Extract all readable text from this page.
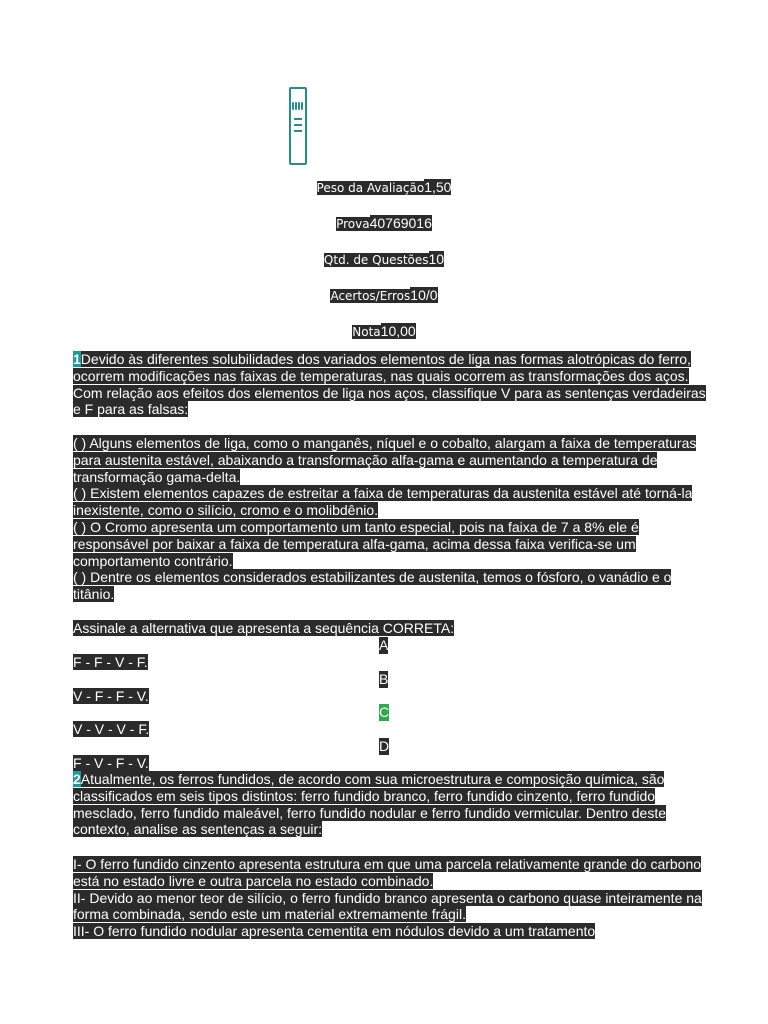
Peso da Avaliação1,50
Prova40769016
Qtd. de Questões10
Acertos/Erros10/0
Nota10,00
1Devido às diferentes solubilidades dos variados elementos de liga nas formas alotrópicas do ferro, ocorrem modificações nas faixas de temperaturas, nas quais ocorrem as transformações dos aços. Com relação aos efeitos dos elementos de liga nos aços, classifique V para as sentenças verdadeiras e F para as falsas:
( ) Alguns elementos de liga, como o manganês, níquel e o cobalto, alargam a faixa de temperaturas para austenita estável, abaixando a transformação alfa-gama e aumentando a temperatura de transformação gama-delta.
( ) Existem elementos capazes de estreitar a faixa de temperaturas da austenita estável até torná-la inexistente, como o silício, cromo e o molibdênio.
( ) O Cromo apresenta um comportamento um tanto especial, pois na faixa de 7 a 8% ele é responsável por baixar a faixa de temperatura alfa-gama, acima dessa faixa verifica-se um comportamento contrário.
( ) Dentre os elementos considerados estabilizantes de austenita, temos o fósforo, o vanádio e o titânio.
Assinale a alternativa que apresenta a sequência CORRETA:
A
F - F - V - F.
B
V - F - F - V.
C
V - V - V - F.
D
F - V - F - V.
2Atualmente, os ferros fundidos, de acordo com sua microestrutura e composição química, são classificados em seis tipos distintos: ferro fundido branco, ferro fundido cinzento, ferro fundido mesclado, ferro fundido maleável, ferro fundido nodular e ferro fundido vermicular. Dentro deste contexto, analise as sentenças a seguir:
I- O ferro fundido cinzento apresenta estrutura em que uma parcela relativamente grande do carbono está no estado livre e outra parcela no estado combinado.
II- Devido ao menor teor de silício, o ferro fundido branco apresenta o carbono quase inteiramente na forma combinada, sendo este um material extremamente frágil.
III- O ferro fundido nodular apresenta cementita em nódulos devido a um tratamento
